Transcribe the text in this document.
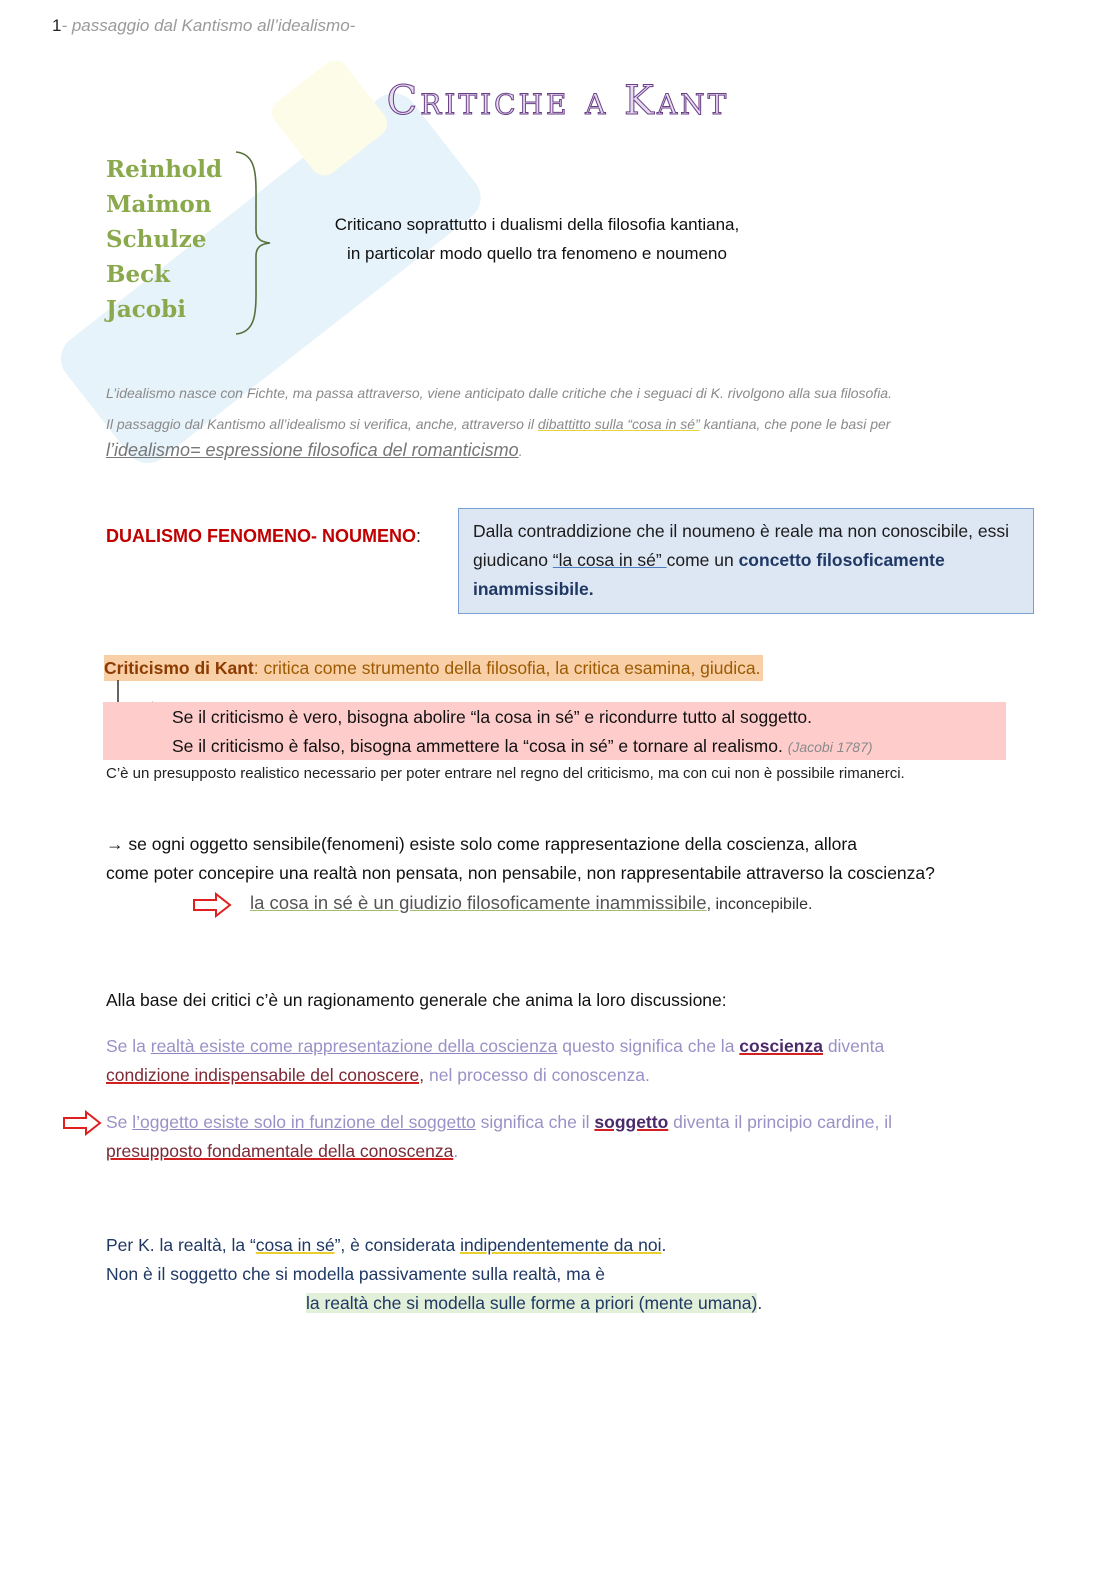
1- passaggio dal Kantismo all’idealismo-
Critiche a Kant
Reinhold
Maimon
Schulze
Beck
Jacobi
Criticano soprattutto i dualismi della filosofia kantiana,
in particolar modo quello tra fenomeno e noumeno
L’idealismo nasce con Fichte, ma passa attraverso, viene anticipato dalle critiche che i seguaci di K. rivolgono alla sua filosofia.
Il passaggio dal Kantismo all’idealismo si verifica, anche, attraverso il dibattitto sulla “cosa in sé” kantiana, che pone le basi per
l’idealismo= espressione filosofica del romanticismo.
DUALISMO FENOMENO- NOUMENO:	Dalla contraddizione che il noumeno è reale ma non conoscibile, essi giudicano “la cosa in sé” come un concetto filosoficamente inammissibile.
Criticismo di Kant: critica come strumento della filosofia, la critica esamina, giudica.
Se il criticismo è vero, bisogna abolire “la cosa in sé” e ricondurre tutto al soggetto.
Se il criticismo è falso, bisogna ammettere la “cosa in sé” e tornare al realismo. (Jacobi 1787)
C’è un presupposto realistico necessario per poter entrare nel regno del criticismo, ma con cui non è possibile rimanerci.
→ se ogni oggetto sensibile(fenomeni) esiste solo come rappresentazione della coscienza, allora
come poter concepire una realtà non pensata, non pensabile, non rappresentabile attraverso la coscienza?
la cosa in sé è un giudizio filosoficamente inammissibile, inconcepibile.
Alla base dei critici c’è un ragionamento generale che anima la loro discussione:
Se la realtà esiste come rappresentazione della coscienza questo significa che la coscienza diventa
condizione indispensabile del conoscere, nel processo di conoscenza.
Se l’oggetto esiste solo in funzione del soggetto significa che il soggetto diventa il principio cardine, il
presupposto fondamentale della conoscenza.
Per K. la realtà, la “cosa in sé”, è considerata indipendentemente da noi.
Non è il soggetto che si modella passivamente sulla realtà, ma è
la realtà che si modella sulle forme a priori (mente umana).
